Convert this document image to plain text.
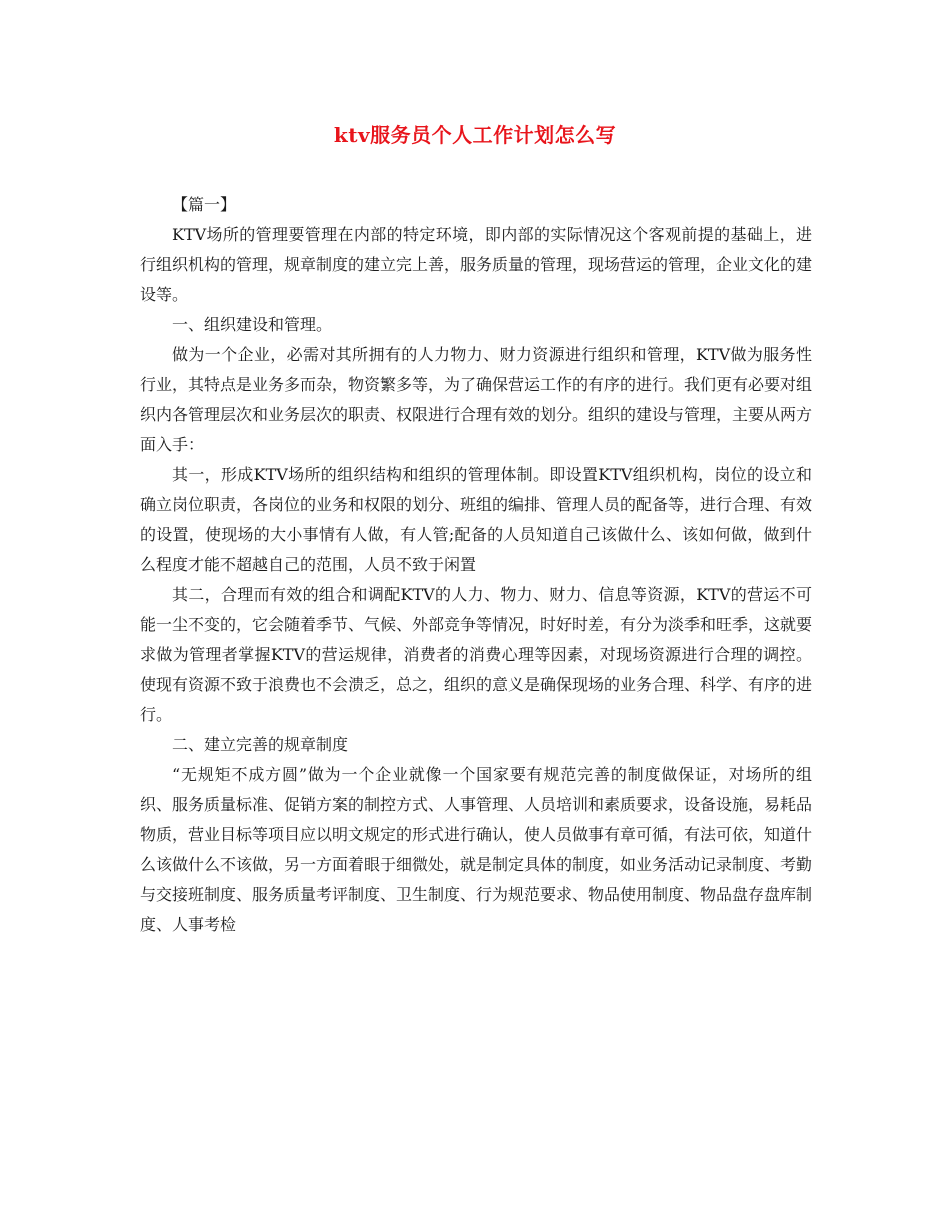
ktv服务员个人工作计划怎么写

【篇一】

KTV场所的管理要管理在内部的特定环境，即内部的实际情况这个客观前提的基础上，进行组织机构的管理，规章制度的建立完上善，服务质量的管理，现场营运的管理，企业文化的建设等。

一、组织建设和管理。

做为一个企业，必需对其所拥有的人力物力、财力资源进行组织和管理，KTV做为服务性行业，其特点是业务多而杂，物资繁多等，为了确保营运工作的有序的进行。我们更有必要对组织内各管理层次和业务层次的职责、权限进行合理有效的划分。组织的建设与管理，主要从两方面入手：

其一，形成KTV场所的组织结构和组织的管理体制。即设置KTV组织机构，岗位的设立和确立岗位职责，各岗位的业务和权限的划分、班组的编排、管理人员的配备等，进行合理、有效的设置，使现场的大小事情有人做，有人管;配备的人员知道自己该做什么、该如何做，做到什么程度才能不超越自己的范围，人员不致于闲置

其二，合理而有效的组合和调配KTV的人力、物力、财力、信息等资源，KTV的营运不可能一尘不变的，它会随着季节、气候、外部竞争等情况，时好时差，有分为淡季和旺季，这就要求做为管理者掌握KTV的营运规律，消费者的消费心理等因素，对现场资源进行合理的调控。使现有资源不致于浪费也不会溃乏，总之，组织的意义是确保现场的业务合理、科学、有序的进行。

二、建立完善的规章制度

“无规矩不成方圆”做为一个企业就像一个国家要有规范完善的制度做保证，对场所的组织、服务质量标准、促销方案的制控方式、人事管理、人员培训和素质要求，设备设施，易耗品物质，营业目标等项目应以明文规定的形式进行确认，使人员做事有章可循，有法可依，知道什么该做什么不该做，另一方面着眼于细微处，就是制定具体的制度，如业务活动记录制度、考勤与交接班制度、服务质量考评制度、卫生制度、行为规范要求、物品使用制度、物品盘存盘库制度、人事考检
